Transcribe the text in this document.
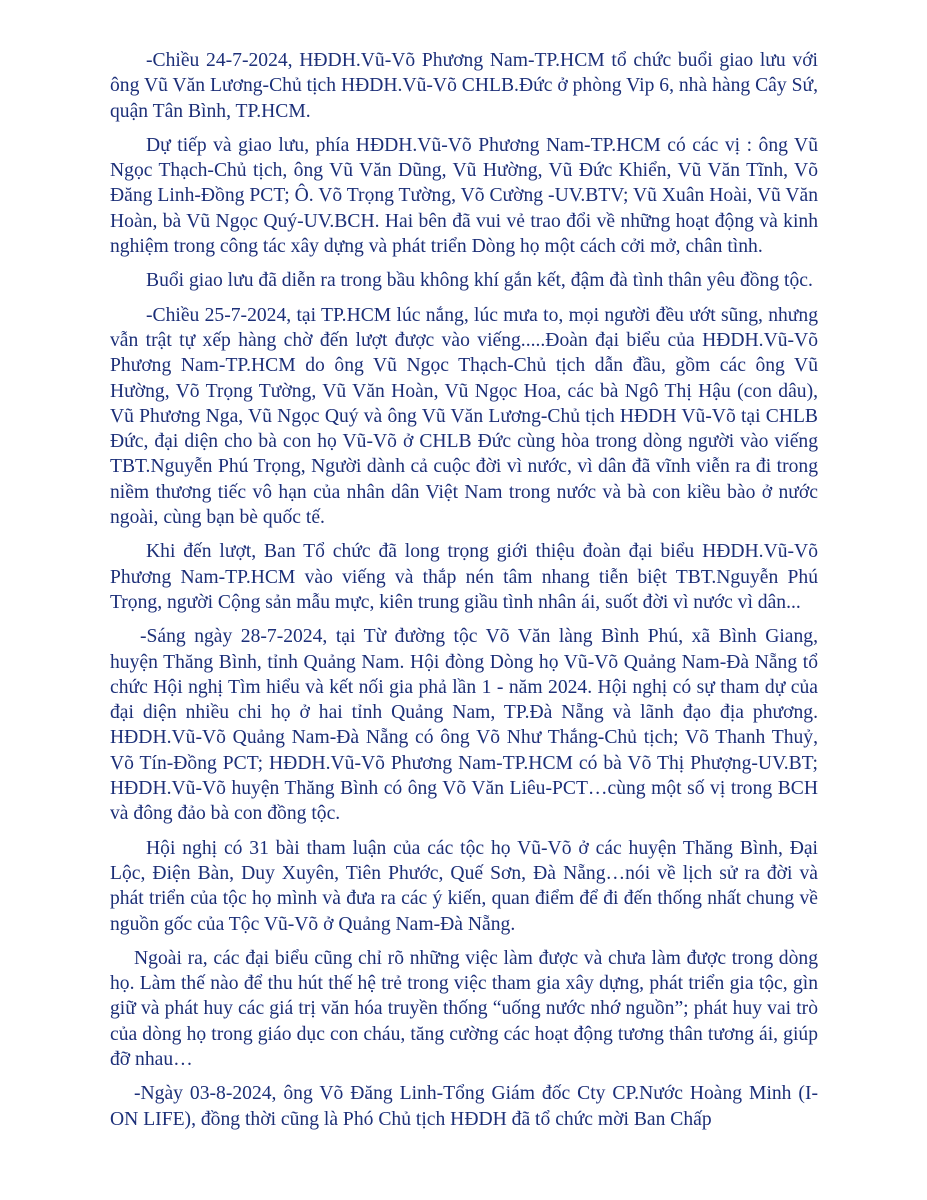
-Chiều 24-7-2024, HĐDH.Vũ-Võ Phương Nam-TP.HCM tổ chức buổi giao lưu với ông Vũ Văn Lương-Chủ tịch HĐDH.Vũ-Võ CHLB.Đức ở phòng Vip 6, nhà hàng Cây Sứ, quận Tân Bình, TP.HCM.

Dự tiếp và giao lưu, phía HĐDH.Vũ-Võ Phương Nam-TP.HCM có các vị : ông Vũ Ngọc Thạch-Chủ tịch, ông Vũ Văn Dũng, Vũ Hường, Vũ Đức Khiển, Vũ Văn Tĩnh, Võ Đăng Linh-Đồng PCT; Ô. Võ Trọng Tường, Võ Cường -UV.BTV; Vũ Xuân Hoài, Vũ Văn Hoàn, bà Vũ Ngọc Quý-UV.BCH. Hai bên đã vui vẻ trao đổi về những hoạt động và kinh nghiệm trong công tác xây dựng và phát triển Dòng họ một cách cởi mở, chân tình.

Buổi giao lưu đã diễn ra trong bầu không khí gắn kết, đậm đà tình thân yêu đồng tộc.

-Chiều 25-7-2024, tại TP.HCM lúc nắng, lúc mưa to, mọi người đều ướt sũng, nhưng vẫn trật tự xếp hàng chờ đến lượt được vào viếng.....Đoàn đại biểu của HĐDH.Vũ-Võ Phương Nam-TP.HCM do ông Vũ Ngọc Thạch-Chủ tịch dẫn đầu, gồm các ông Vũ Hường, Võ Trọng Tường, Vũ Văn Hoàn, Vũ Ngọc Hoa, các bà Ngô Thị Hậu (con dâu), Vũ Phương Nga, Vũ Ngọc Quý và ông Vũ Văn Lương-Chủ tịch HĐDH Vũ-Võ tại CHLB Đức, đại diện cho bà con họ Vũ-Võ ở CHLB Đức cùng hòa trong dòng người vào viếng TBT.Nguyễn Phú Trọng, Người dành cả cuộc đời vì nước, vì dân đã vĩnh viễn ra đi trong niềm thương tiếc vô hạn của nhân dân Việt Nam trong nước và bà con kiều bào ở nước ngoài, cùng bạn bè quốc tế.

Khi đến lượt, Ban Tổ chức đã long trọng giới thiệu đoàn đại biểu HĐDH.Vũ-Võ Phương Nam-TP.HCM vào viếng và thắp nén tâm nhang tiễn biệt TBT.Nguyễn Phú Trọng, người Cộng sản mẫu mực, kiên trung giầu tình nhân ái, suốt đời vì nước vì dân...

-Sáng ngày 28-7-2024, tại Từ đường tộc Võ Văn làng Bình Phú, xã Bình Giang, huyện Thăng Bình, tỉnh Quảng Nam. Hội đòng Dòng họ Vũ-Võ Quảng Nam-Đà Nẵng tổ chức Hội nghị Tìm hiểu và kết nối gia phả lần 1 - năm 2024. Hội nghị có sự tham dự của đại diện nhiều chi họ ở hai tỉnh Quảng Nam, TP.Đà Nẵng và lãnh đạo địa phương. HĐDH.Vũ-Võ Quảng Nam-Đà Nẵng có ông Võ Như Thắng-Chủ tịch; Võ Thanh Thuỷ, Võ Tín-Đồng PCT; HĐDH.Vũ-Võ Phương Nam-TP.HCM có bà Võ Thị Phượng-UV.BT; HĐDH.Vũ-Võ huyện Thăng Bình có ông Võ Văn Liêu-PCT…cùng một số vị trong BCH và đông đảo bà con đồng tộc.

Hội nghị có 31 bài tham luận của các tộc họ Vũ-Võ ở các huyện Thăng Bình, Đại Lộc, Điện Bàn, Duy Xuyên, Tiên Phước, Quế Sơn, Đà Nẵng…nói về lịch sử ra đời và phát triển của tộc họ mình và đưa ra các ý kiến, quan điểm để đi đến thống nhất chung về nguồn gốc của Tộc Vũ-Võ ở Quảng Nam-Đà Nẵng.

Ngoài ra, các đại biểu cũng chỉ rõ những việc làm được và chưa làm được trong dòng họ. Làm thế nào để thu hút thế hệ trẻ trong việc tham gia xây dựng, phát triển gia tộc, gìn giữ và phát huy các giá trị văn hóa truyền thống “uống nước nhớ nguồn”; phát huy vai trò của dòng họ trong giáo dục con cháu, tăng cường các hoạt động tương thân tương ái, giúp đỡ nhau…

-Ngày 03-8-2024, ông Võ Đăng Linh-Tổng Giám đốc Cty CP.Nước Hoàng Minh (I-ON LIFE), đồng thời cũng là Phó Chủ tịch HĐDH đã tổ chức mời Ban Chấp
